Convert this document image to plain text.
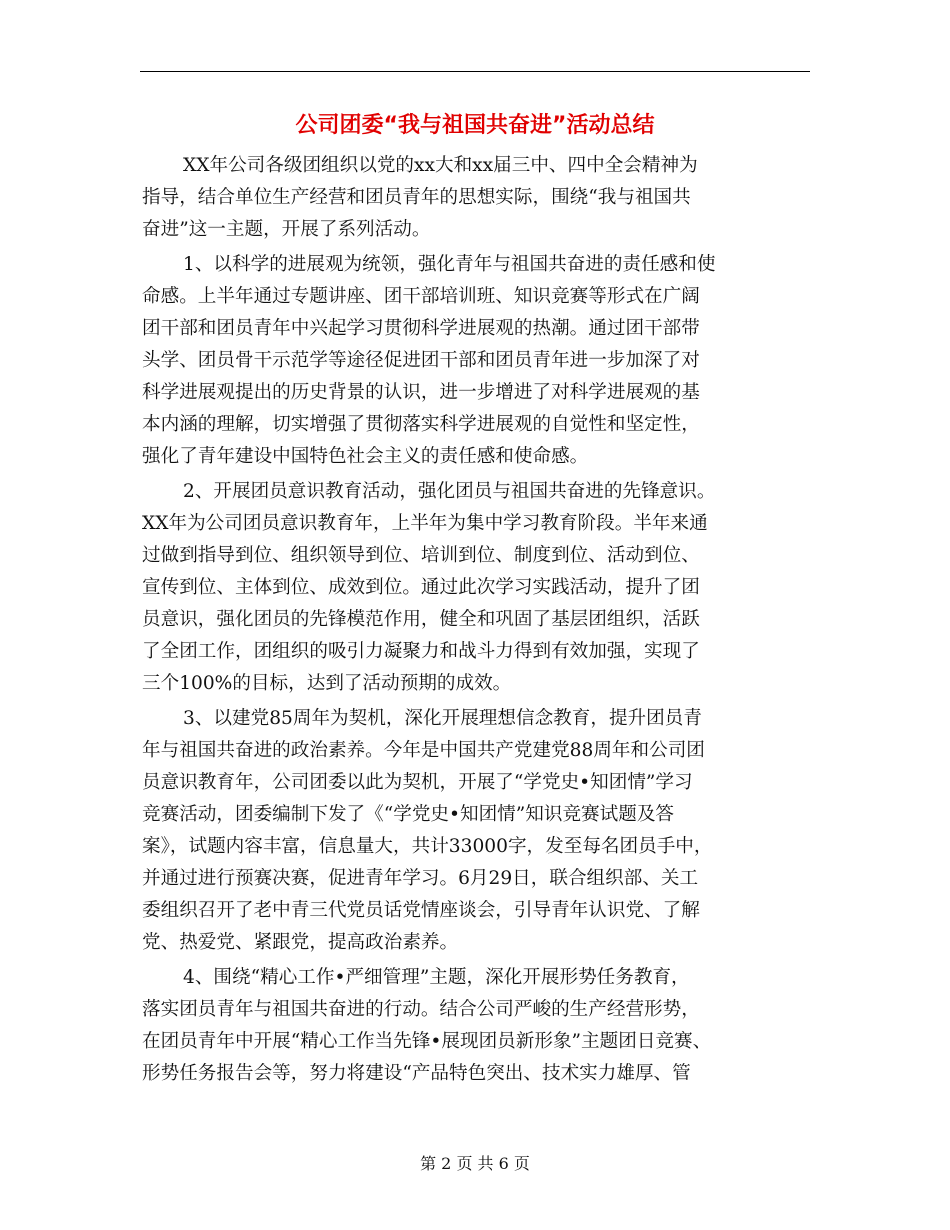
公司团委“我与祖国共奋进”活动总结
XX年公司各级团组织以党的xx大和xx届三中、四中全会精神为
指导，结合单位生产经营和团员青年的思想实际，围绕“我与祖国共
奋进”这一主题，开展了系列活动。
1、以科学的进展观为统领，强化青年与祖国共奋进的责任感和使
命感。上半年通过专题讲座、团干部培训班、知识竞赛等形式在广阔
团干部和团员青年中兴起学习贯彻科学进展观的热潮。通过团干部带
头学、团员骨干示范学等途径促进团干部和团员青年进一步加深了对
科学进展观提出的历史背景的认识，进一步增进了对科学进展观的基
本内涵的理解，切实增强了贯彻落实科学进展观的自觉性和坚定性，
强化了青年建设中国特色社会主义的责任感和使命感。
2、开展团员意识教育活动，强化团员与祖国共奋进的先锋意识。
XX年为公司团员意识教育年，上半年为集中学习教育阶段。半年来通
过做到指导到位、组织领导到位、培训到位、制度到位、活动到位、
宣传到位、主体到位、成效到位。通过此次学习实践活动，提升了团
员意识，强化团员的先锋模范作用，健全和巩固了基层团组织，活跃
了全团工作，团组织的吸引力凝聚力和战斗力得到有效加强，实现了
三个100%的目标，达到了活动预期的成效。
3、以建党85周年为契机，深化开展理想信念教育，提升团员青
年与祖国共奋进的政治素养。今年是中国共产党建党88周年和公司团
员意识教育年，公司团委以此为契机，开展了“学党史•知团情”学习
竞赛活动，团委编制下发了《“学党史•知团情”知识竞赛试题及答
案》，试题内容丰富，信息量大，共计33000字，发至每名团员手中，
并通过进行预赛决赛，促进青年学习。6月29日，联合组织部、关工
委组织召开了老中青三代党员话党情座谈会，引导青年认识党、了解
党、热爱党、紧跟党，提高政治素养。
4、围绕“精心工作•严细管理”主题，深化开展形势任务教育，
落实团员青年与祖国共奋进的行动。结合公司严峻的生产经营形势，
在团员青年中开展“精心工作当先锋•展现团员新形象”主题团日竞赛、
形势任务报告会等，努力将建设“产品特色突出、技术实力雄厚、管
第 2 页 共 6 页
